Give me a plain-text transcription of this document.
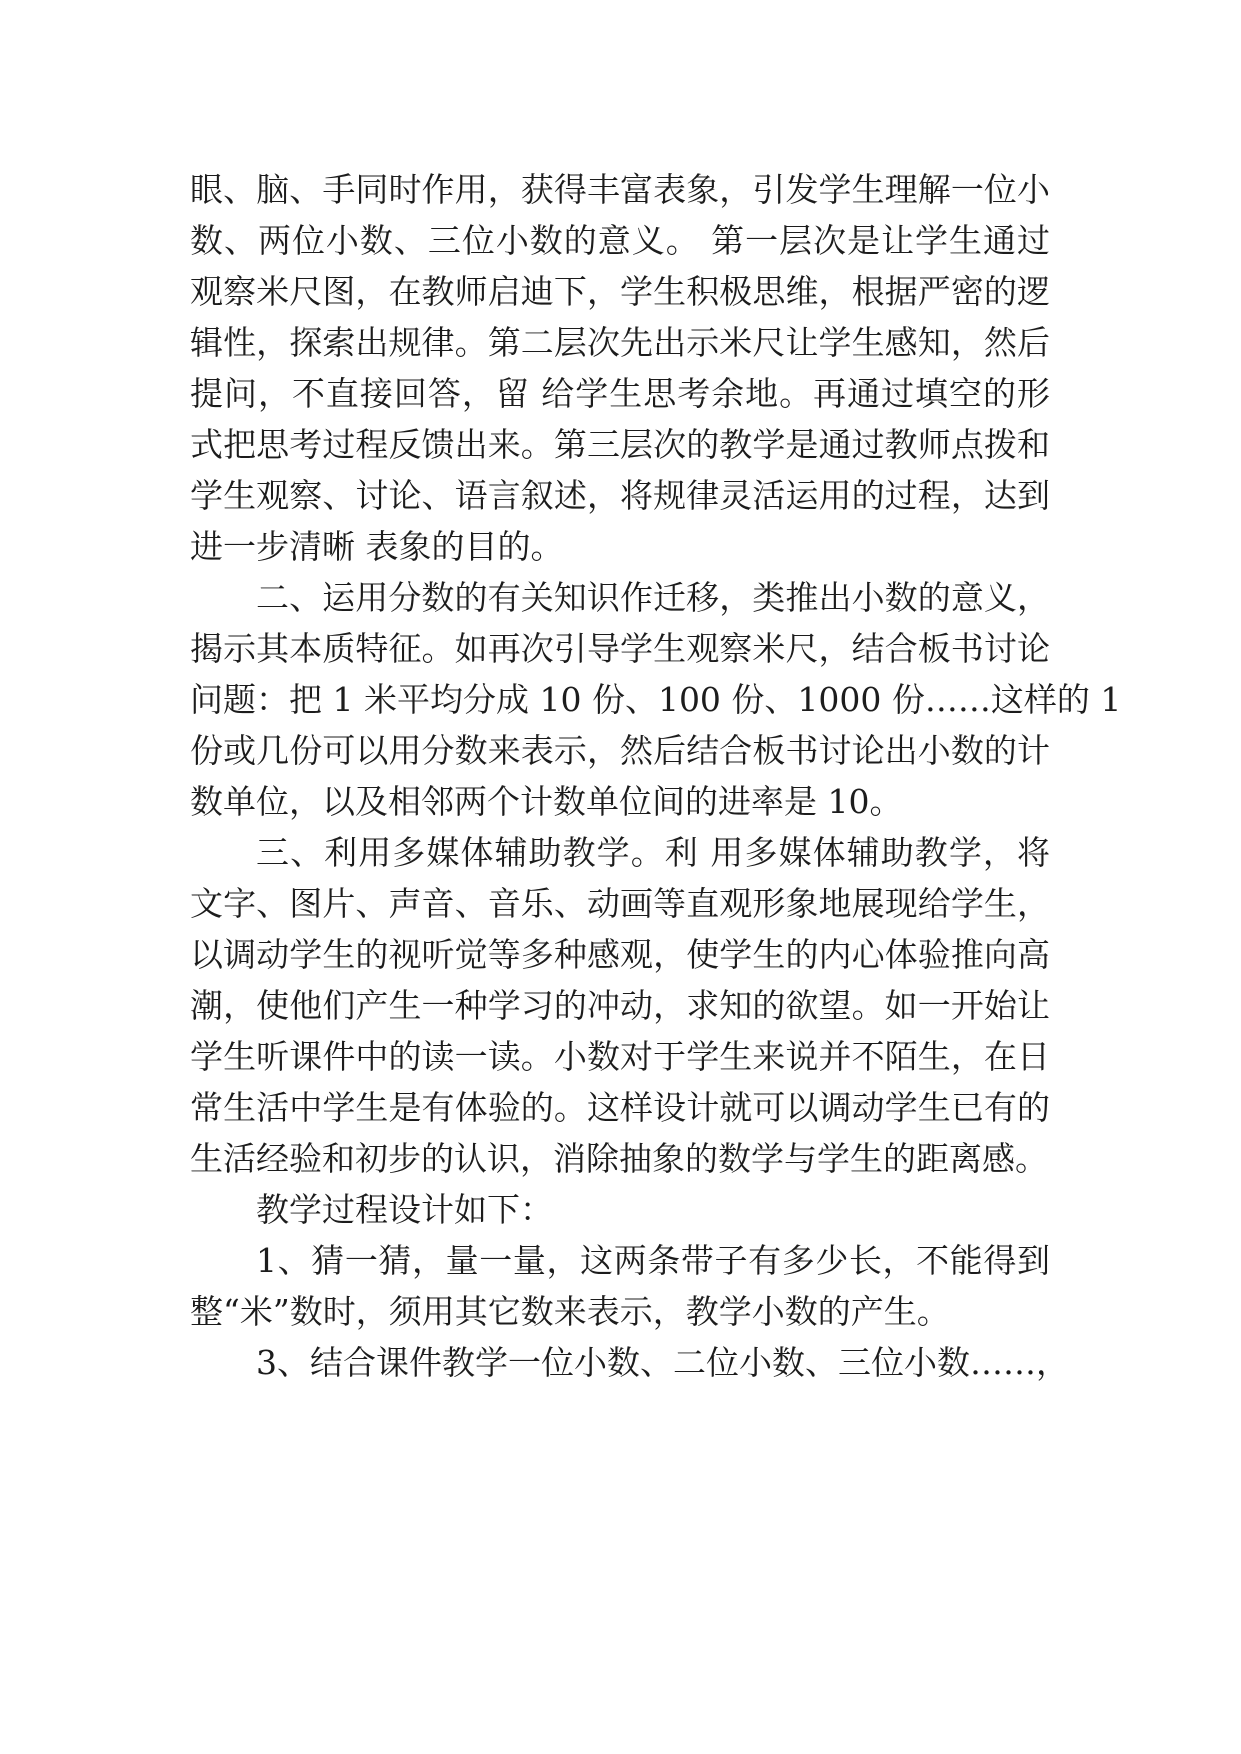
眼、脑、手同时作用，获得丰富表象，引发学生理解一位小
数、两位小数、三位小数的意义。 第一层次是让学生通过
观察米尺图，在教师启迪下，学生积极思维，根据严密的逻
辑性，探索出规律。第二层次先出示米尺让学生感知，然后
提问，不直接回答，留 给学生思考余地。再通过填空的形
式把思考过程反馈出来。第三层次的教学是通过教师点拨和
学生观察、讨论、语言叙述，将规律灵活运用的过程，达到
进一步清晰 表象的目的。
二、运用分数的有关知识作迁移，类推出小数的意义，
揭示其本质特征。如再次引导学生观察米尺，结合板书讨论
问题：把 1 米平均分成 10 份、100 份、1000 份……这样的 1
份或几份可以用分数来表示，然后结合板书讨论出小数的计
数单位，以及相邻两个计数单位间的进率是 10。
三、利用多媒体辅助教学。利 用多媒体辅助教学，将
文字、图片、声音、音乐、动画等直观形象地展现给学生，
以调动学生的视听觉等多种感观，使学生的内心体验推向高
潮，使他们产生一种学习的冲动，求知的欲望。如一开始让
学生听课件中的读一读。小数对于学生来说并不陌生，在日
常生活中学生是有体验的。这样设计就可以调动学生已有的
生活经验和初步的认识，消除抽象的数学与学生的距离感。
教学过程设计如下：
1、猜一猜，量一量，这两条带子有多少长，不能得到
整“米”数时，须用其它数来表示，教学小数的产生。
3、结合课件教学一位小数、二位小数、三位小数……，
